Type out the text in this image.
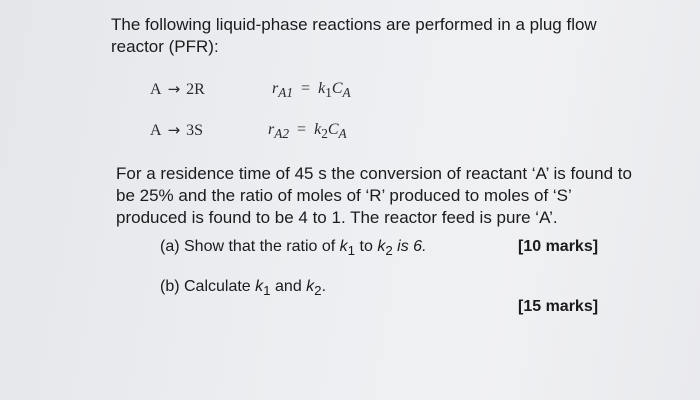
The following liquid-phase reactions are performed in a plug flow reactor (PFR):

A → 2R	$r_{A1} = k_1C_A$
A → 3S	$r_{A2} = k_2C_A$

For a residence time of 45 s the conversion of reactant ‘A’ is found to be 25% and the ratio of moles of ‘R’ produced to moles of ‘S’ produced is found to be 4 to 1. The reactor feed is pure ‘A’.

(a) Show that the ratio of $k_1$ to $k_2$ is 6.	[10 marks]
(b) Calculate $k_1$ and $k_2$.
[15 marks]
